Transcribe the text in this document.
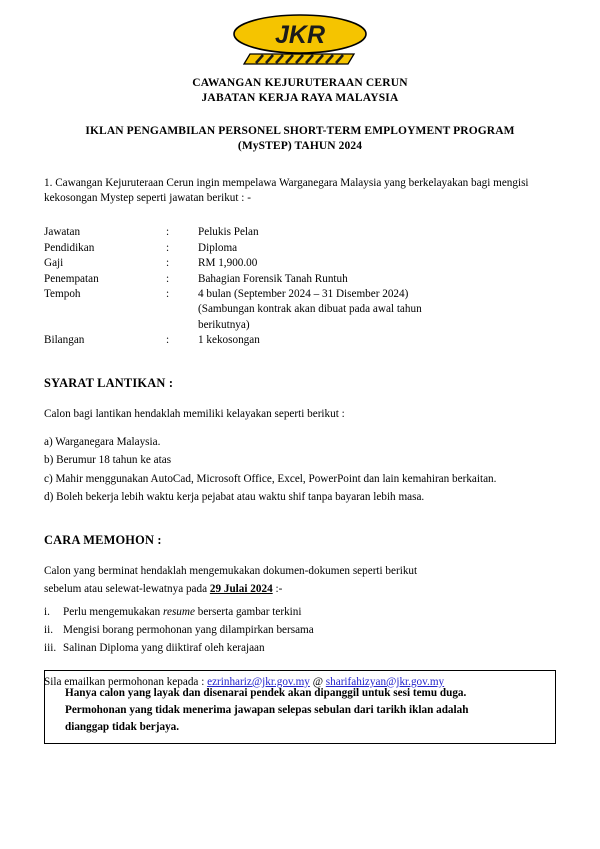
JKR
CAWANGAN KEJURUTERAAN CERUN
JABATAN KERJA RAYA MALAYSIA
IKLAN PENGAMBILAN PERSONEL SHORT-TERM EMPLOYMENT PROGRAM
(MySTEP) TAHUN 2024
1. Cawangan Kejuruteraan Cerun ingin mempelawa Warganegara Malaysia yang berkelayakan bagi mengisi kekosongan Mystep seperti jawatan berikut : -
Jawatan	:	Pelukis Pelan
Pendidikan	:	Diploma
Gaji	:	RM 1,900.00
Penempatan	:	Bahagian Forensik Tanah Runtuh
Tempoh	:	4 bulan (September 2024 – 31 Disember 2024)
(Sambungan kontrak akan dibuat pada awal tahun
berikutnya)

Bilangan	:	1 kekosongan
SYARAT LANTIKAN :
Calon bagi lantikan hendaklah memiliki kelayakan seperti berikut :
a) Warganegara Malaysia.
b) Berumur 18 tahun ke atas
c) Mahir menggunakan AutoCad, Microsoft Office, Excel, PowerPoint dan lain kemahiran berkaitan.
d) Boleh bekerja lebih waktu kerja pejabat atau waktu shif tanpa bayaran lebih masa.
CARA MEMOHON :
Calon yang berminat hendaklah mengemukakan dokumen-dokumen seperti berikut
sebelum atau selewat-lewatnya pada 29 Julai 2024 :-
i.	Perlu mengemukakan resume berserta gambar terkini
ii. Mengisi borang permohonan yang dilampirkan bersama
iii. Salinan Diploma yang diiktiraf oleh kerajaan
Sila emailkan permohonan kepada : ezrinhariz@jkr.gov.my @ sharifahizyan@jkr.gov.my
Hanya calon yang layak dan disenarai pendek akan dipanggil untuk sesi temu duga.
Permohonan yang tidak menerima jawapan selepas sebulan dari tarikh iklan adalah
dianggap tidak berjaya.
